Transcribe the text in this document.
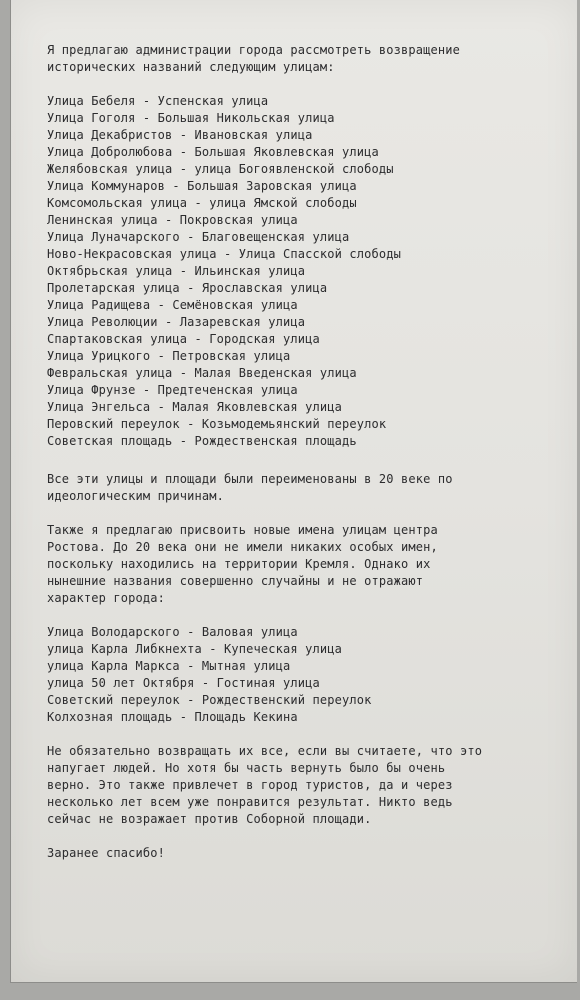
Я предлагаю администрации города рассмотреть возвращение
исторических названий следующим улицам:
Улица Бебеля - Успенская улица
Улица Гоголя - Большая Никольская улица
Улица Декабристов - Ивановская улица
Улица Добролюбова - Большая Яковлевская улица
Желябовская улица - улица Богоявленской слободы
Улица Коммунаров - Большая Заровская улица
Комсомольская улица - улица Ямской слободы
Ленинская улица - Покровская улица
Улица Луначарского - Благовещенская улица
Ново-Некрасовская улица - Улица Спасской слободы
Октябрьская улица - Ильинская улица
Пролетарская улица - Ярославская улица
Улица Радищева - Семёновская улица
Улица Революции - Лазаревская улица
Спартаковская улица - Городская улица
Улица Урицкого - Петровская улица
Февральская улица - Малая Введенская улица
Улица Фрунзе - Предтеченская улица
Улица Энгельса - Малая Яковлевская улица
Перовский переулок - Козьмодемьянский переулок
Советская площадь - Рождественская площадь
Все эти улицы и площади были переименованы в 20 веке по
идеологическим причинам.
Также я предлагаю присвоить новые имена улицам центра
Ростова. До 20 века они не имели никаких особых имен,
поскольку находились на территории Кремля. Однако их
нынешние названия совершенно случайны и не отражают
характер города:
Улица Володарского - Валовая улица
улица Карла Либкнехта - Купеческая улица
улица Карла Маркса - Мытная улица
улица 50 лет Октября - Гостиная улица
Советский переулок - Рождественский переулок
Колхозная площадь - Площадь Кекина
Не обязательно возвращать их все, если вы считаете, что это
напугает людей. Но хотя бы часть вернуть было бы очень
верно. Это также привлечет в город туристов, да и через
несколько лет всем уже понравится результат. Никто ведь
сейчас не возражает против Соборной площади.
Заранее спасибо!
